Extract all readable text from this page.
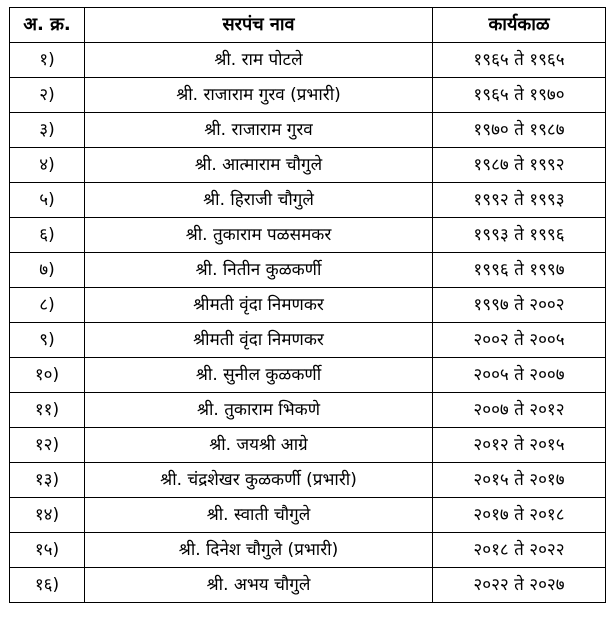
अ. क्र.	सरपंच नाव	कार्यकाळ
१)	श्री. राम पोटले	१९६५ ते १९६५
२)	श्री. राजाराम गुरव (प्रभारी)	१९६५ ते १९७०
३)	श्री. राजाराम गुरव	१९७० ते १९८७
४)	श्री. आत्माराम चौगुले	१९८७ ते १९९२
५)	श्री. हिराजी चौगुले	१९९२ ते १९९३
६)	श्री. तुकाराम पळसमकर	१९९३ ते १९९६
७)	श्री. नितीन कुळकर्णी	१९९६ ते १९९७
८)	श्रीमती वृंदा निमणकर	१९९७ ते २००२
९)	श्रीमती वृंदा निमणकर	२००२ ते २००५
१०)	श्री. सुनील कुळकर्णी	२००५ ते २००७
११)	श्री. तुकाराम भिकणे	२००७ ते २०१२
१२)	श्री. जयश्री आग्रे	२०१२ ते २०१५
१३)	श्री. चंद्रशेखर कुळकर्णी (प्रभारी)	२०१५ ते २०१७
१४)	श्री. स्वाती चौगुले	२०१७ ते २०१८
१५)	श्री. दिनेश चौगुले (प्रभारी)	२०१८ ते २०२२
१६)	श्री. अभय चौगुले	२०२२ ते २०२७
